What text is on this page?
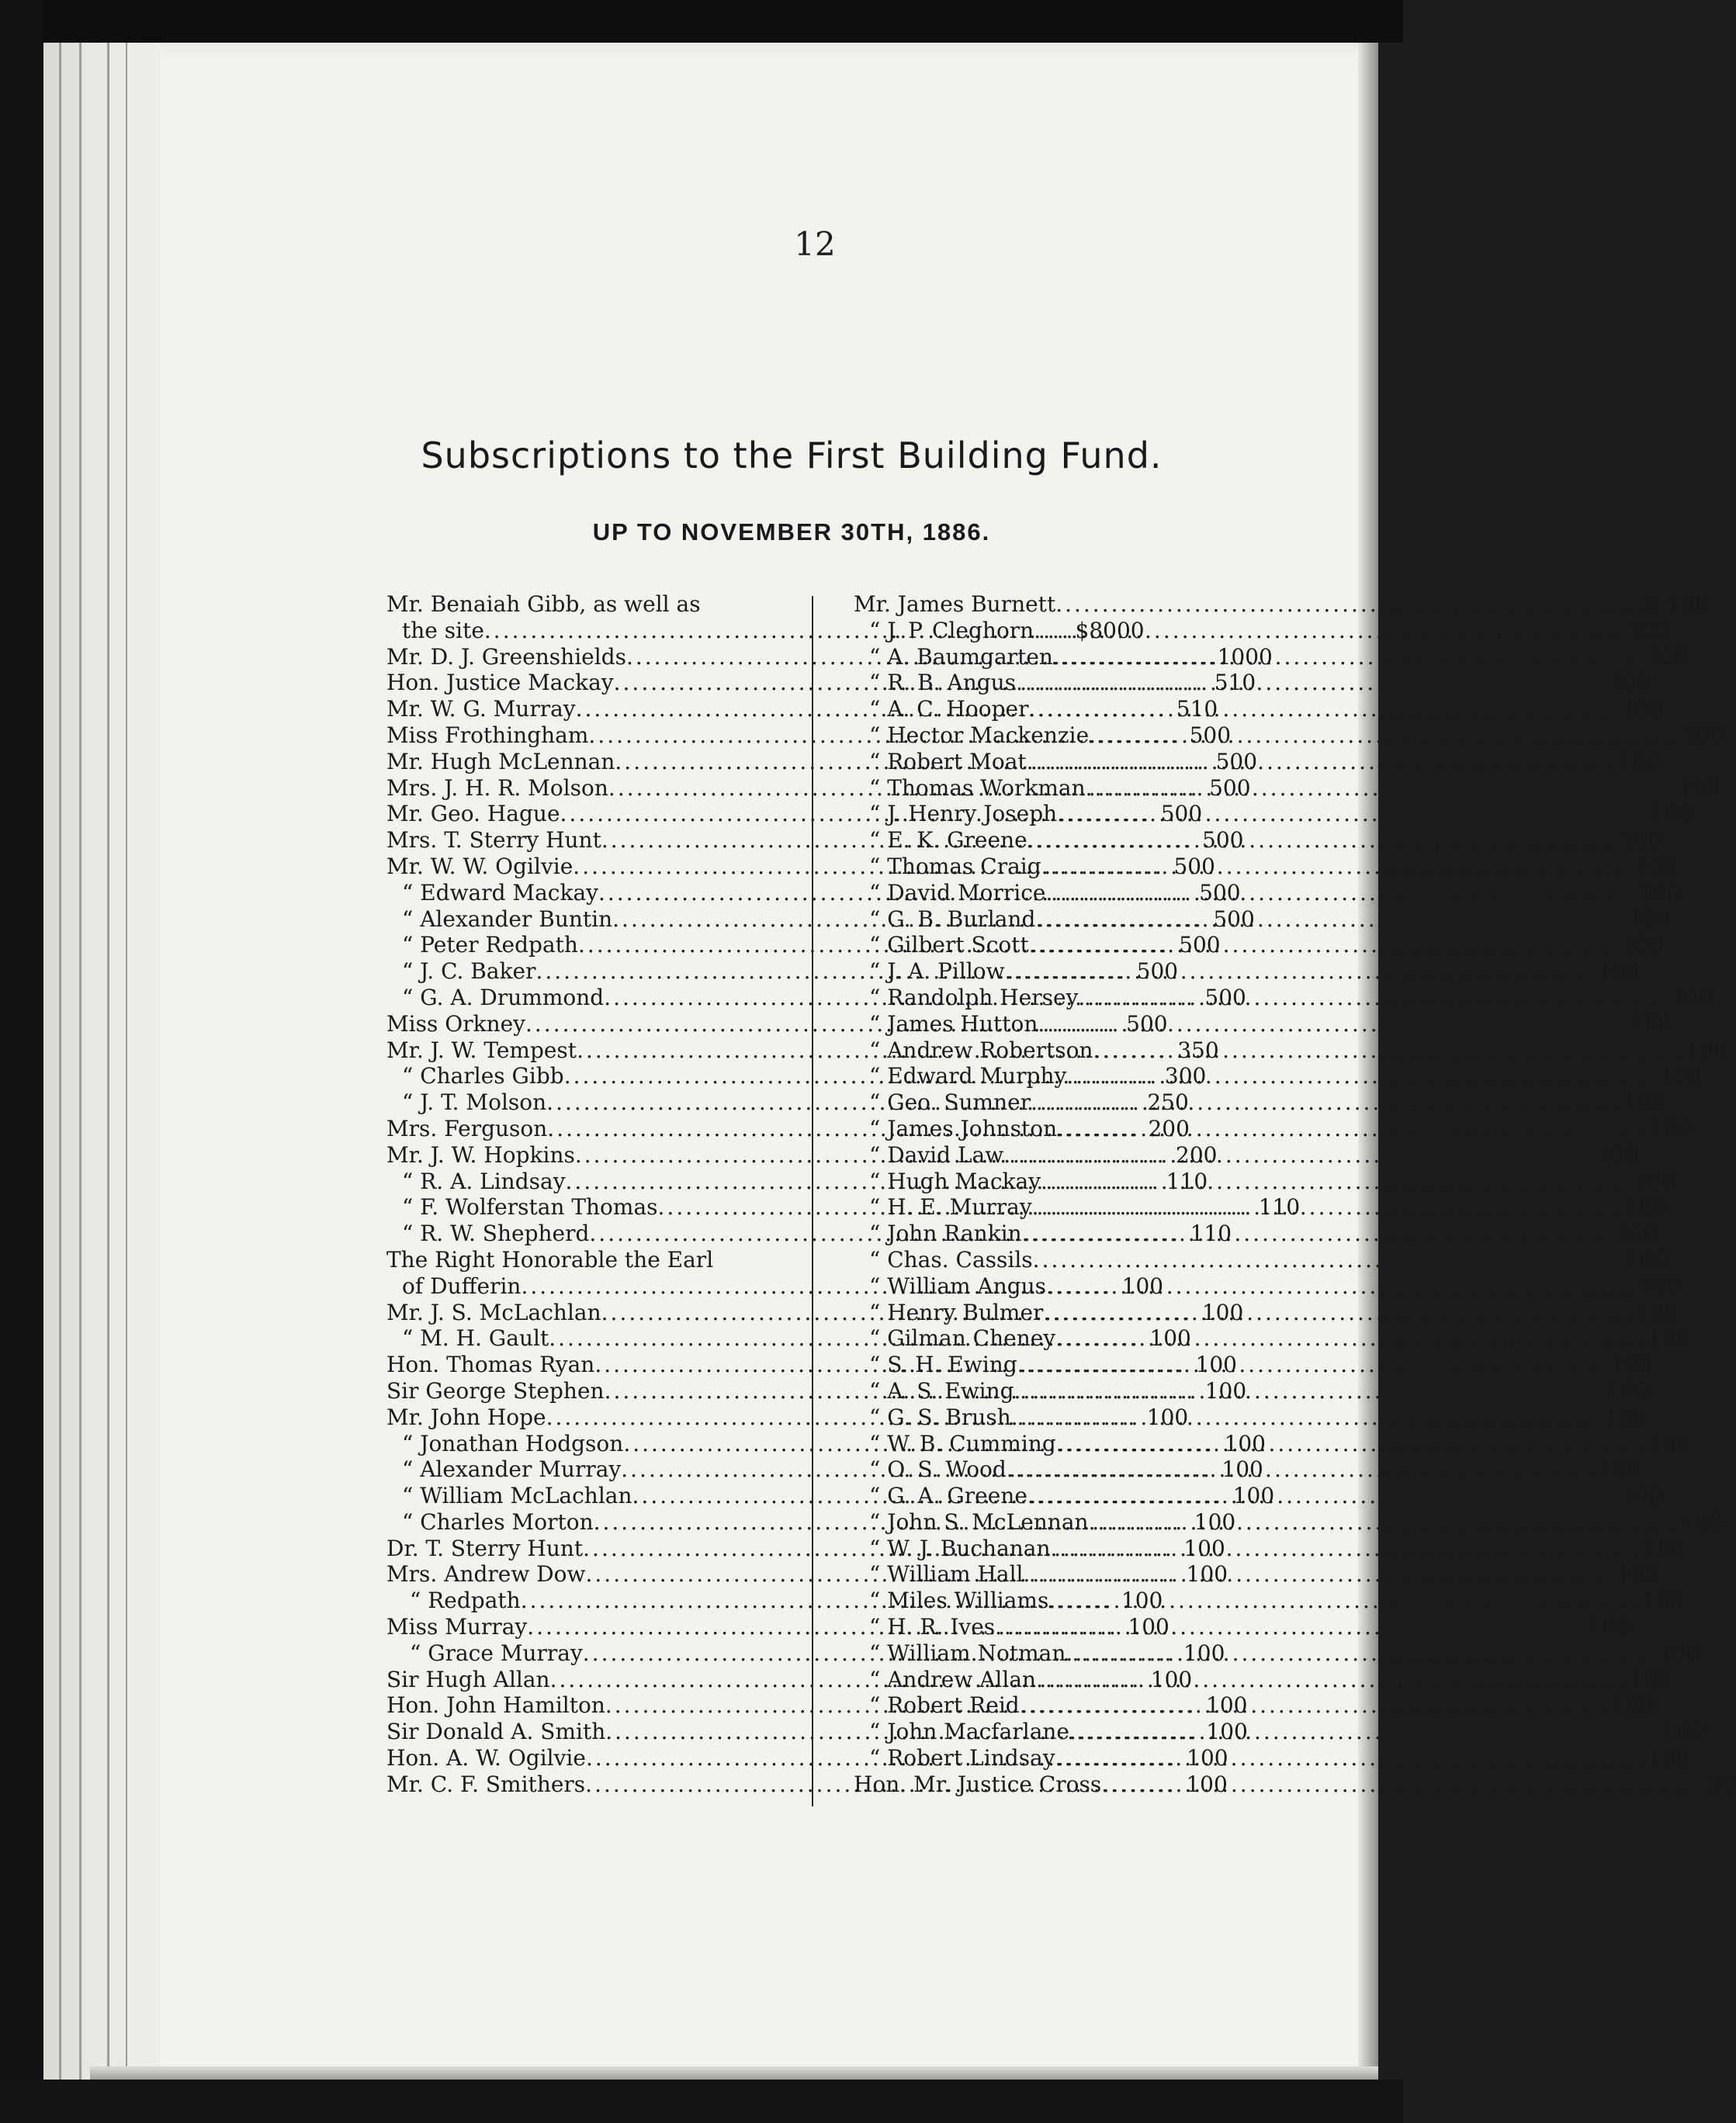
12
Subscriptions to the First Building Fund.
UP TO NOVEMBER 30TH, 1886.
Mr. Benaiah Gibb, as well as
the site .....	$8000
Mr. D. J. Greenshields .....	1000
Hon. Justice Mackay .....	510
Mr. W. G. Murray .....	510
Miss Frothingham .....	500
Mr. Hugh McLennan .....	500
Mrs. J. H. R. Molson .....	500
Mr. Geo. Hague .....	500
Mrs. T. Sterry Hunt .....	500
Mr. W. W. Ogilvie .....	500
“ Edward Mackay .....	500
“ Alexander Buntin .....	500
“ Peter Redpath .....	500
“ J. C. Baker .....	500
“ G. A. Drummond .....	500
Miss Orkney .....	500
Mr. J. W. Tempest .....	350
“ Charles Gibb .....	300
“ J. T. Molson .....	250
Mrs. Ferguson .....	200
Mr. J. W. Hopkins .....	200
“ R. A. Lindsay .....	110
“ F. Wolferstan Thomas .....	110
“ R. W. Shepherd .....	110
The Right Honorable the Earl
of Dufferin .....	100
Mr. J. S. McLachlan .....	100
“ M. H. Gault .....	100
Hon. Thomas Ryan .....	100
Sir George Stephen .....	100
Mr. John Hope .....	100
“ Jonathan Hodgson .....	100
“ Alexander Murray .....	100
“ William McLachlan .....	100
“ Charles Morton .....	100
Dr. T. Sterry Hunt .....	100
Mrs. Andrew Dow .....	100
“ Redpath .....	100
Miss Murray .....	100
“ Grace Murray .....	100
Sir Hugh Allan .....	100
Hon. John Hamilton .....	100
Sir Donald A. Smith .....	100
Hon. A. W. Ogilvie .....	100
Mr. C. F. Smithers .....	100
Mr. James Burnett .....	$ 100
“ J. P. Cleghorn .....	100
“ A. Baumgarten .....	100
“ R. B. Angus .....	100
“ A. C. Hooper .....	100
“ Hector Mackenzie .....	100
“ Robert Moat .....	100
“ Thomas Workman .....	100
“ J. Henry Joseph .....	100
“ E. K. Greene .....	100
“ Thomas Craig .....	100
“ David Morrice .....	100
“ G. B. Burland .....	100
“ Gilbert Scott .....	100
“ J. A. Pillow .....	100
“ Randolph Hersey .....	100
“ James Hutton .....	100
“ Andrew Robertson .....	100
“ Edward Murphy .....	100
“ Geo. Sumner .....	100
“ James Johnston .....	100
“ David Law .....	100
“ Hugh Mackay .....	100
“ H. E. Murray .....	100
“ John Rankin .....	100
“ Chas. Cassils .....	100
“ William Angus .....	100
“ Henry Bulmer .....	100
“ Gilman Cheney .....	100
“ S. H. Ewing .....	100
“ A. S. Ewing .....	100
“ G. S. Brush .....	100
“ W. B. Cumming .....	100
“ O. S. Wood .....	100
“ G. A. Greene .....	100
“ John S. McLennan .....	100
“ W. J. Buchanan .....	100
“ William Hall .....	100
“ Miles Williams .....	100
“ H. R. Ives .....	100
“ William Notman .....	100
“ Andrew Allan .....	100
“ Robert Reid .....	100
“ John Macfarlane .....	100
“ Robert Lindsay .....	100
Hon. Mr. Justice Cross .....	50
